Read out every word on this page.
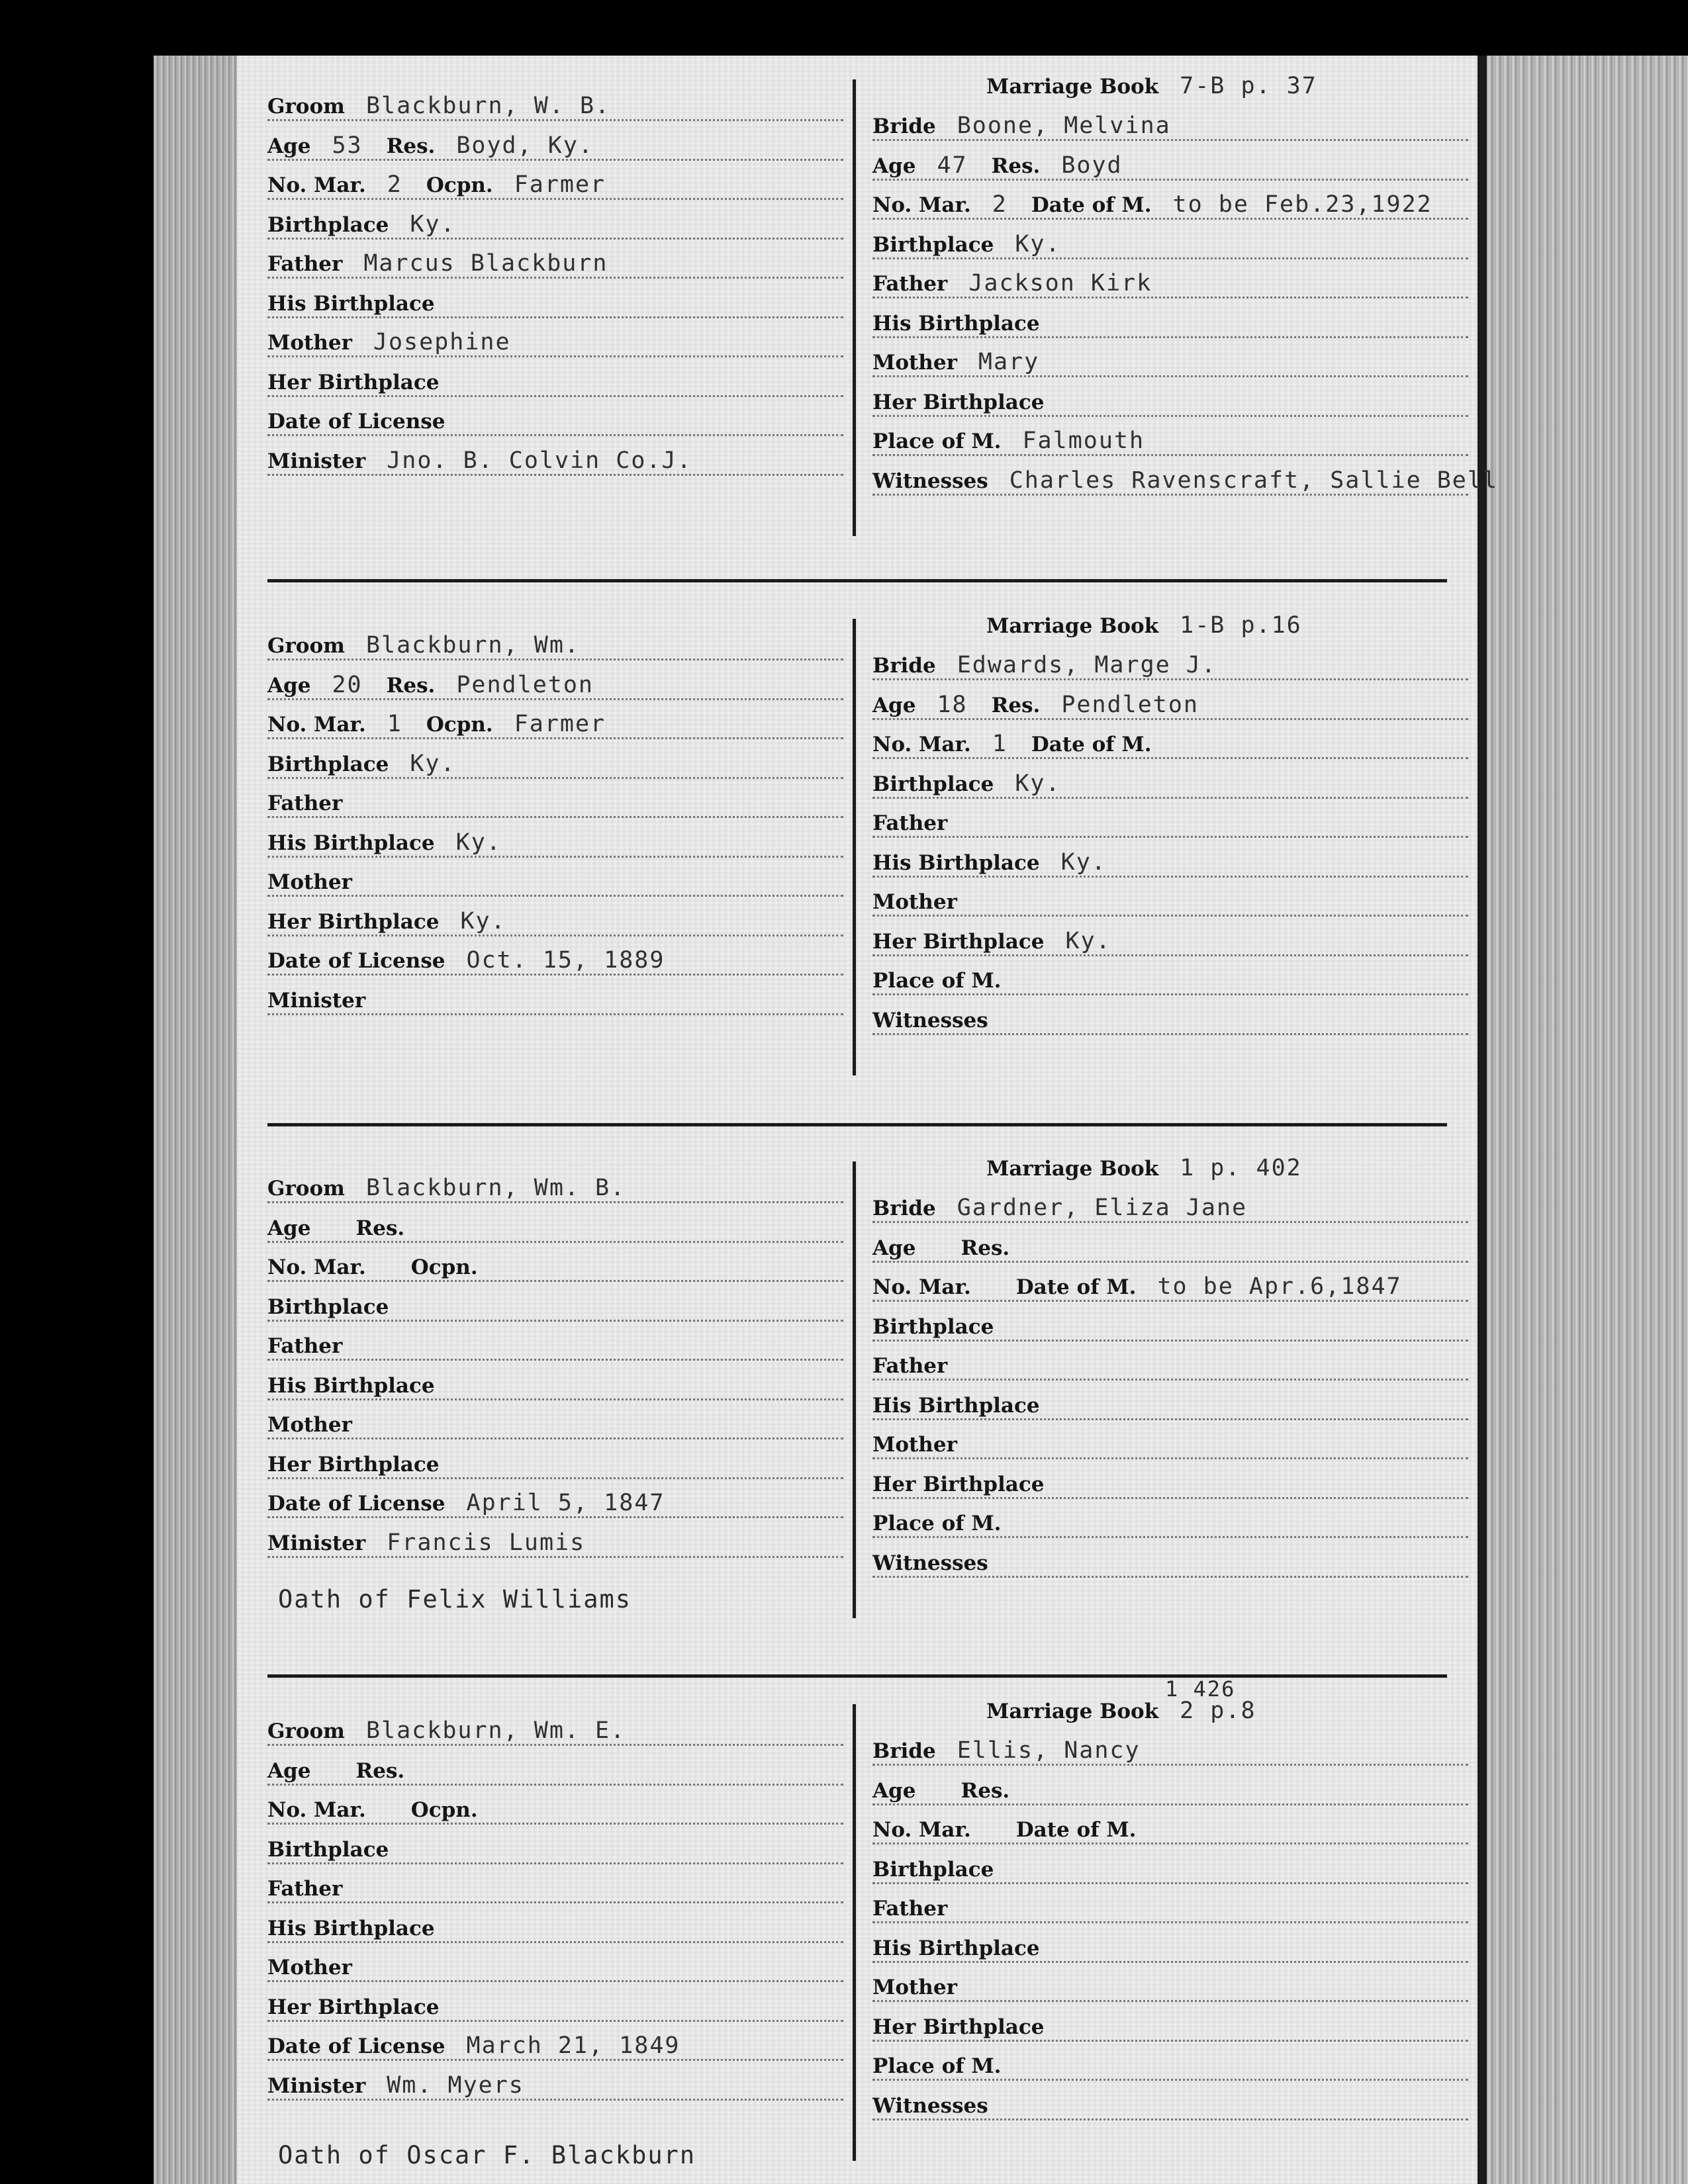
Groom Blackburn, W. B.
Age 53 Res. Boyd, Ky.
No. Mar. 2 Ocpn. Farmer
Birthplace Ky.
Father Marcus Blackburn
His Birthplace
Mother Josephine
Her Birthplace
Date of License
Minister Jno. B. Colvin Co.J.
Marriage Book 7-B p. 37
Bride Boone, Melvina
Age 47 Res. Boyd
No. Mar. 2 Date of M. to be Feb.23,1922
Birthplace Ky.
Father Jackson Kirk
His Birthplace
Mother Mary
Her Birthplace
Place of M. Falmouth
Witnesses Charles Ravenscraft, Sallie Bell
Groom Blackburn, Wm.
Age 20 Res. Pendleton
No. Mar. 1 Ocpn. Farmer
Birthplace Ky.
Father
His Birthplace Ky.
Mother
Her Birthplace Ky.
Date of License Oct. 15, 1889
Minister
Marriage Book 1-B p.16
Bride Edwards, Marge J.
Age 18 Res. Pendleton
No. Mar. 1 Date of M.
Birthplace Ky.
Father
His Birthplace Ky.
Mother
Her Birthplace Ky.
Place of M.
Witnesses
Groom Blackburn, Wm. B.
Age Res.
No. Mar. Ocpn.
Birthplace
Father
His Birthplace
Mother
Her Birthplace
Date of License April 5, 1847
Minister Francis Lumis
Marriage Book 1 p. 402
Bride Gardner, Eliza Jane
Age Res.
No. Mar. Date of M. to be Apr.6,1847
Birthplace
Father
His Birthplace
Mother
Her Birthplace
Place of M.
Witnesses
Oath of Felix Williams
Groom Blackburn, Wm. E.
Age Res.
No. Mar. Ocpn.
Birthplace
Father
His Birthplace
Mother
Her Birthplace
Date of License March 21, 1849
Minister Wm. Myers
1 426
Marriage Book 2 p.8
Bride Ellis, Nancy
Age Res.
No. Mar. Date of M.
Birthplace
Father
His Birthplace
Mother
Her Birthplace
Place of M.
Witnesses
Oath of Oscar F. Blackburn
